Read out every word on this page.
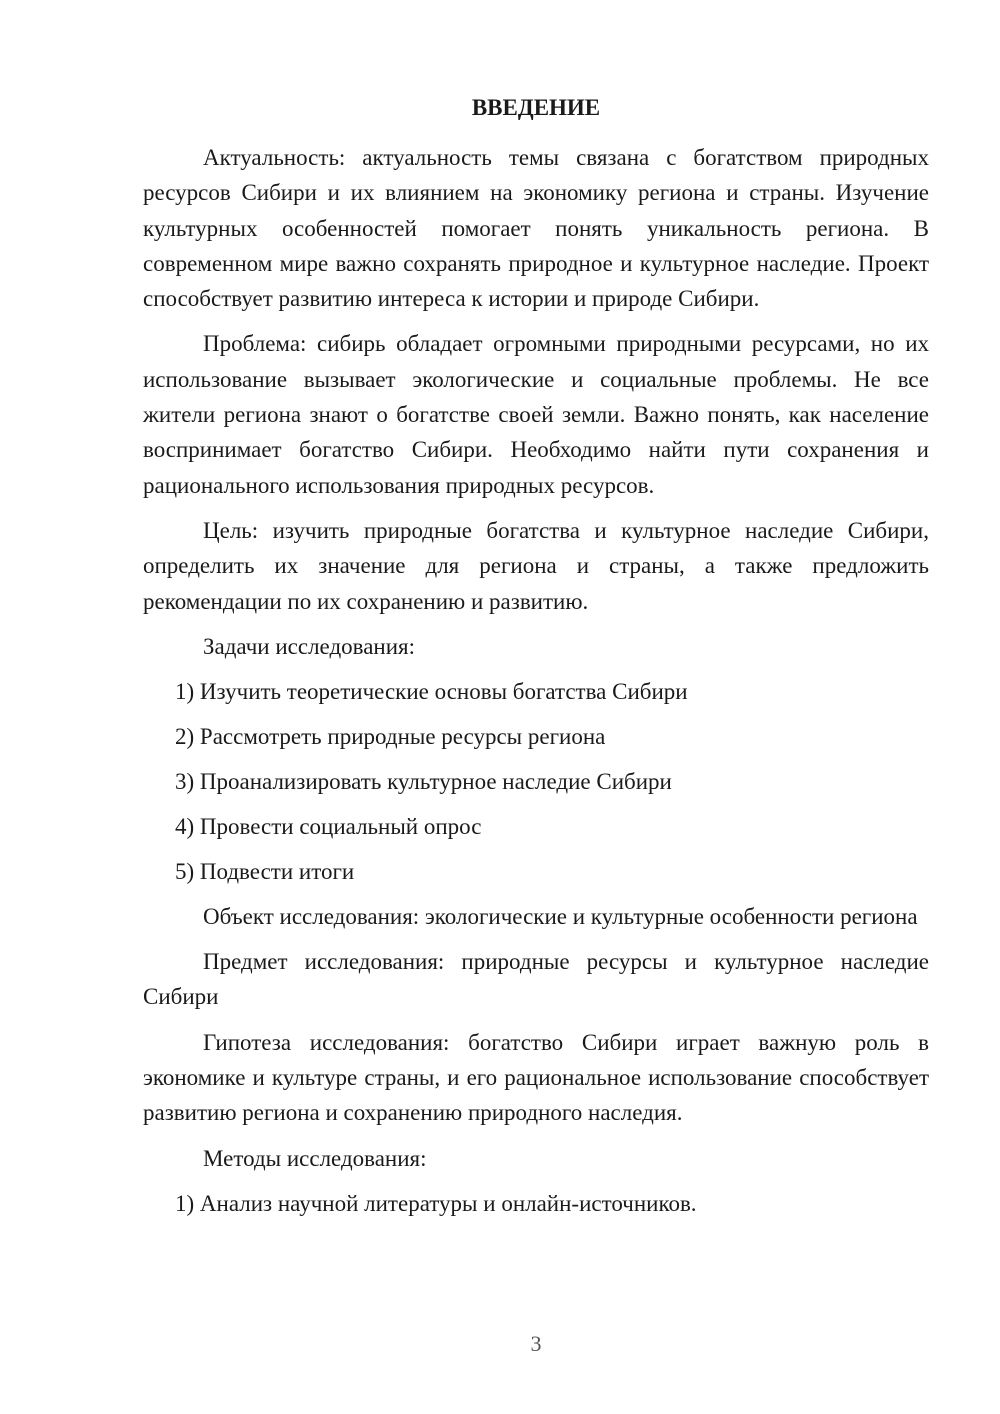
ВВЕДЕНИЕ

Актуальность: актуальность темы связана с богатством природных ресурсов Сибири и их влиянием на экономику региона и страны. Изучение культурных особенностей помогает понять уникальность региона. В современном мире важно сохранять природное и культурное наследие. Проект способствует развитию интереса к истории и природе Сибири.

Проблема: сибирь обладает огромными природными ресурсами, но их использование вызывает экологические и социальные проблемы. Не все жители региона знают о богатстве своей земли. Важно понять, как население воспринимает богатство Сибири. Необходимо найти пути сохранения и рационального использования природных ресурсов.

Цель: изучить природные богатства и культурное наследие Сибири, определить их значение для региона и страны, а также предложить рекомендации по их сохранению и развитию.

Задачи исследования:

1) Изучить теоретические основы богатства Сибири

2) Рассмотреть природные ресурсы региона

3) Проанализировать культурное наследие Сибири

4) Провести социальный опрос

5) Подвести итоги

Объект исследования: экологические и культурные особенности региона

Предмет исследования: природные ресурсы и культурное наследие Сибири

Гипотеза исследования: богатство Сибири играет важную роль в экономике и культуре страны, и его рациональное использование способствует развитию региона и сохранению природного наследия.

Методы исследования:

1) Анализ научной литературы и онлайн-источников.

3
